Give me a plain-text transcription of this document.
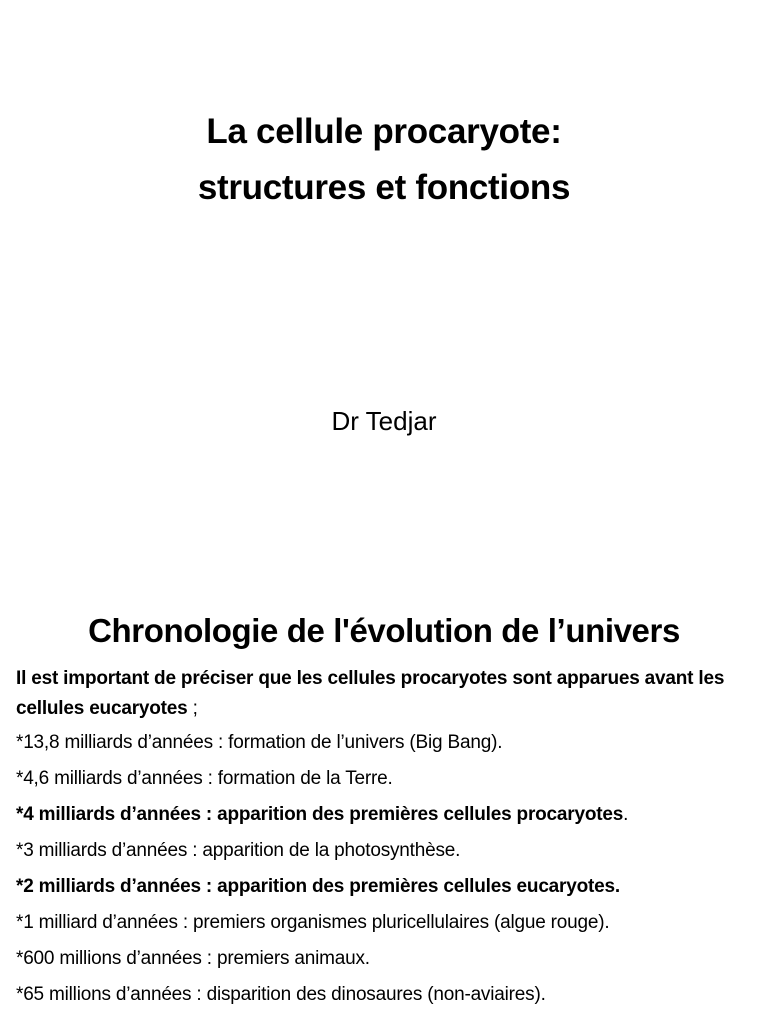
La cellule procaryote:
structures et fonctions
Dr Tedjar
Chronologie de l'évolution de l’univers

Il est important de préciser que les cellules procaryotes sont apparues avant les cellules eucaryotes ;

*13,8 milliards d’années : formation de l’univers (Big Bang).

*4,6 milliards d’années : formation de la Terre.

*4 milliards d’années : apparition des premières cellules procaryotes.

*3 milliards d’années : apparition de la photosynthèse.

*2 milliards d’années : apparition des premières cellules eucaryotes.

*1 milliard d’années : premiers organismes pluricellulaires (algue rouge).

*600 millions d’années : premiers animaux.

*65 millions d’années : disparition des dinosaures (non-aviaires).
